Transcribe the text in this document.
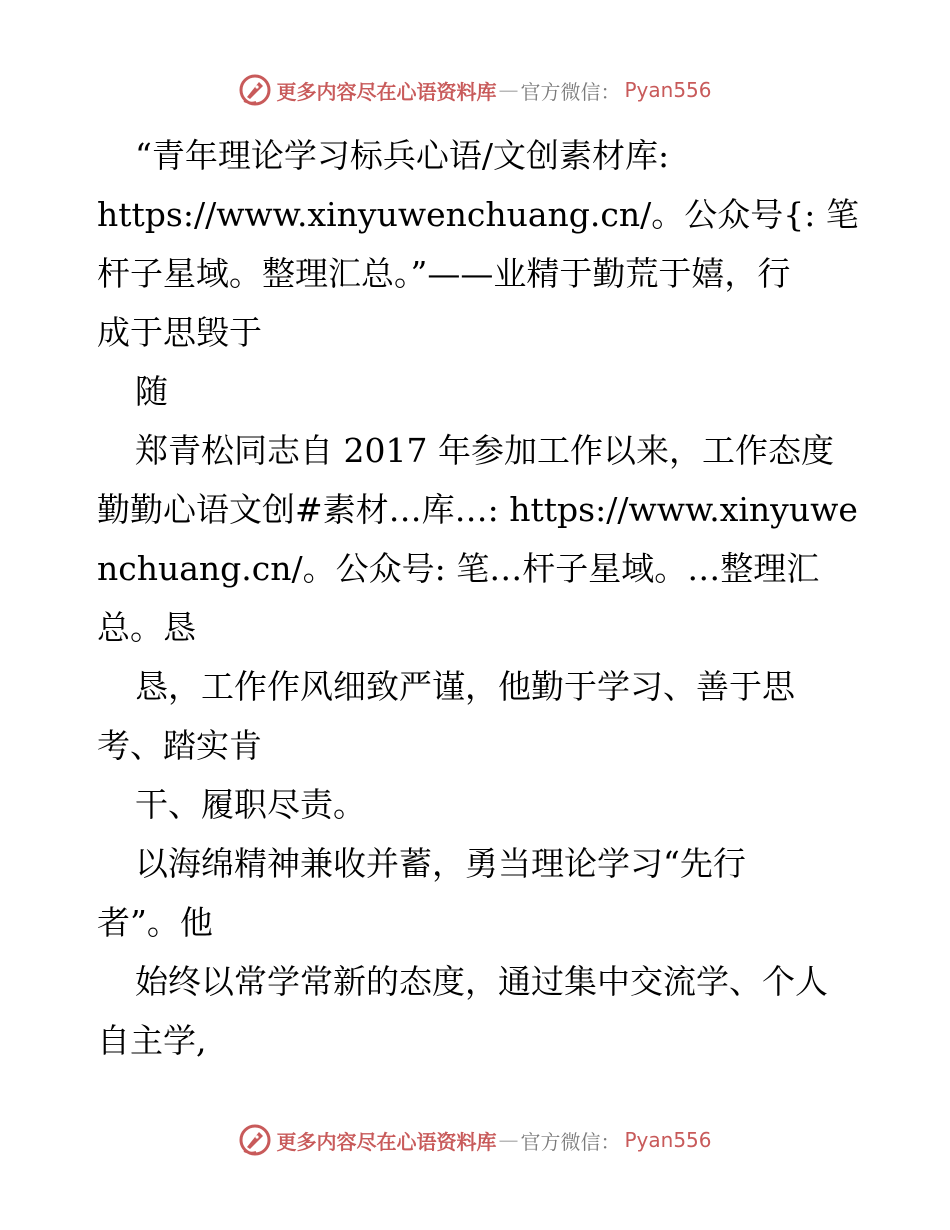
更多内容尽在心语资料库 — 官方微信： Pyan556
“青年理论学习标兵心语/文创素材库:
https://www.xinyuwenchuang.cn/。公众号{: 笔
杆子星域。整理汇总。”——业精于勤荒于嬉，行
成于思毁于
随
郑青松同志自 2017 年参加工作以来，工作态度
勤勤心语文创#素材…库…: https://www.xinyuwe
nchuang.cn/。公众号: 笔…杆子星域。…整理汇
总。恳
恳，工作作风细致严谨，他勤于学习、善于思
考、踏实肯
干、履职尽责。
以海绵精神兼收并蓄，勇当理论学习“先行
者”。他
始终以常学常新的态度，通过集中交流学、个人
自主学,
更多内容尽在心语资料库 — 官方微信： Pyan556
